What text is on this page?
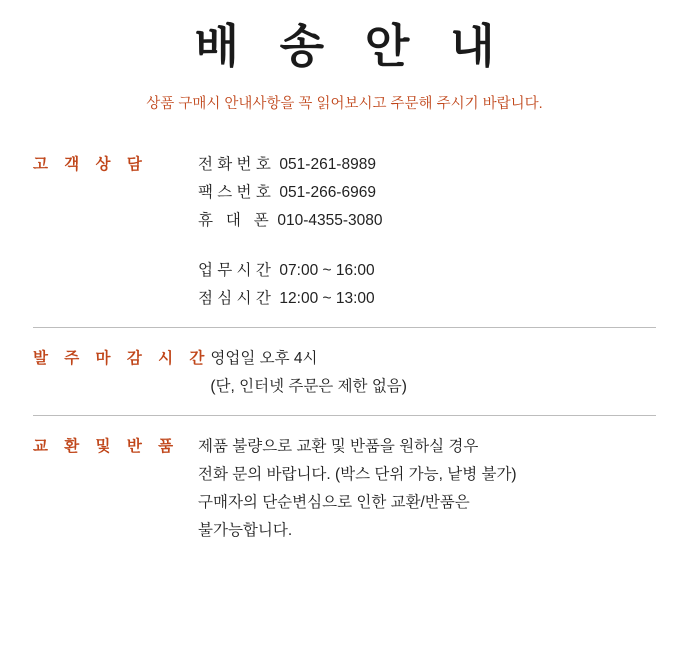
배 송 안 내
상품 구매시 안내사항을 꼭 읽어보시고 주문해 주시기 바랍니다.
고 객 상 담	전 화 번 호  051-261-8989
팩 스 번 호  051-266-6969
휴   대   폰  010-4355-3080
업 무 시 간  07:00 ~ 16:00
점 심 시 간  12:00 ~ 13:00
발 주 마 감 시 간 영업일 오후 4시
(단, 인터넷 주문은 제한 없음)
교 환 및 반 품	제품 불량으로 교환 및 반품을 원하실 경우
전화 문의 바랍니다. (박스 단위 가능, 낱병 불가)
구매자의 단순변심으로 인한 교환/반품은
불가능합니다.
